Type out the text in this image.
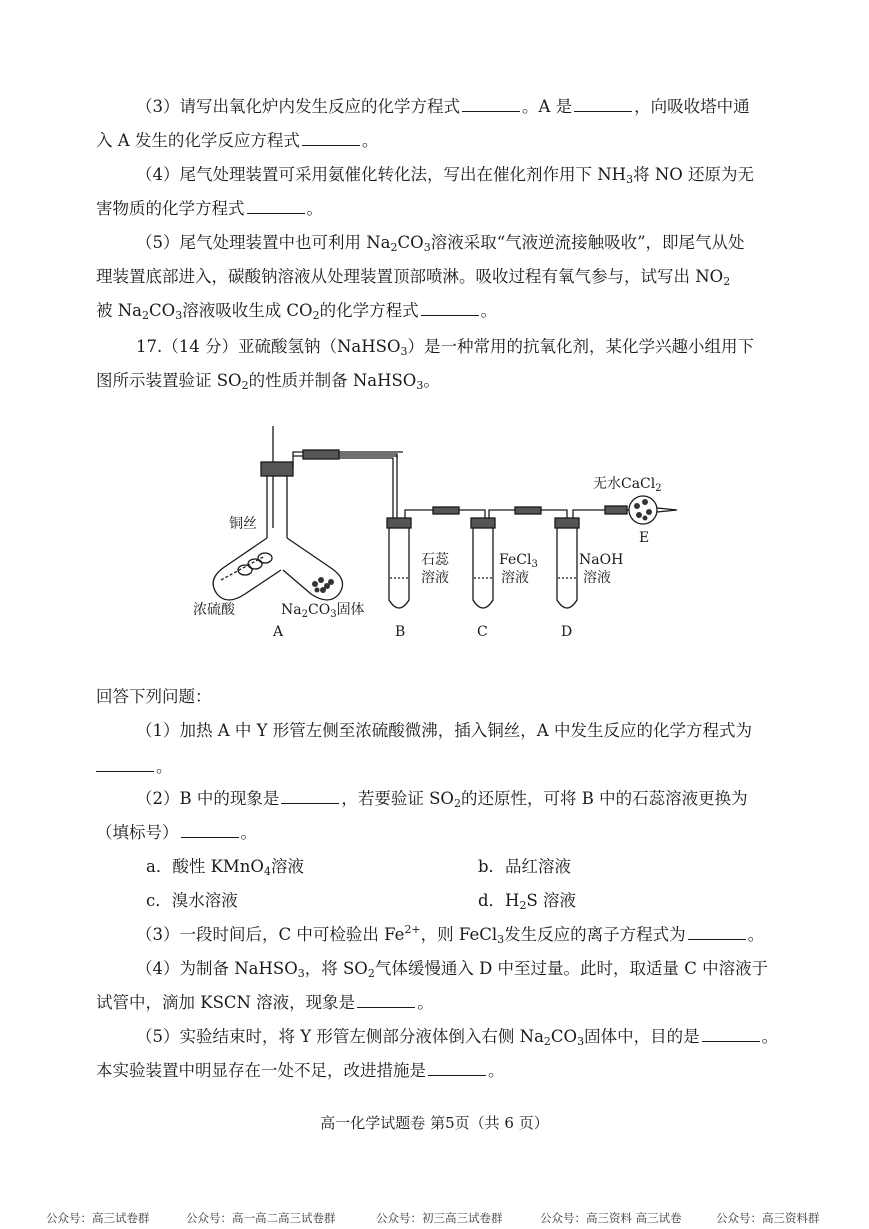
（3）请写出氧化炉内发生反应的化学方程式	。A 是	，向吸收塔中通
入 A 发生的化学反应方程式	。
（4）尾气处理装置可采用氨催化转化法，写出在催化剂作用下 $NH_3$将 NO 还原为无
害物质的化学方程式	。
（5）尾气处理装置中也可利用 $Na_2CO_3$溶液采取“气液逆流接触吸收”，即尾气从处
理装置底部进入，碳酸钠溶液从处理装置顶部喷淋。吸收过程有氧气参与，试写出 $NO_2$
被 $Na_2CO_3$溶液吸收生成 $CO_2$的化学方程式	。
17.（14 分）亚硫酸氢钠（NaHSO$_3$）是一种常用的抗氧化剂，某化学兴趣小组用下
图所示装置验证 $SO_2$的性质并制备 NaHSO$_3$。
铜丝
浓硫酸	$Na_2CO_3$固体
石蕊
溶液
FeCl$_3$
溶液
NaOH
溶液
无水CaCl$_2$
A	B	C	D
E
回答下列问题：
（1）加热 A 中 Y 形管左侧至浓硫酸微沸，插入铜丝，A 中发生反应的化学方程式为
。
（2）B 中的现象是	，若要验证 $SO_2$的还原性，可将 B 中的石蕊溶液更换为
（填标号）	。
a．酸性 KMnO$_4$溶液	b．品红溶液
c．溴水溶液	d．$H_2S$ 溶液
（3）一段时间后，C 中可检验出 $Fe^{2+}$，则 FeCl$_3$发生反应的离子方程式为	。
（4）为制备 NaHSO$_3$，将 $SO_2$气体缓慢通入 D 中至过量。此时，取适量 C 中溶液于
试管中，滴加 KSCN 溶液，现象是	。
（5）实验结束时，将 Y 形管左侧部分液体倒入右侧 $Na_2CO_3$固体中，目的是	。
本实验装置中明显存在一处不足，改进措施是	。
高一化学试题卷 第5页（共 6 页）
公众号：高三试卷群	公众号：高一高二高三试卷群	公众号：初三高三试卷群	公众号：高三资料 高三试卷	公众号：高三资料群
